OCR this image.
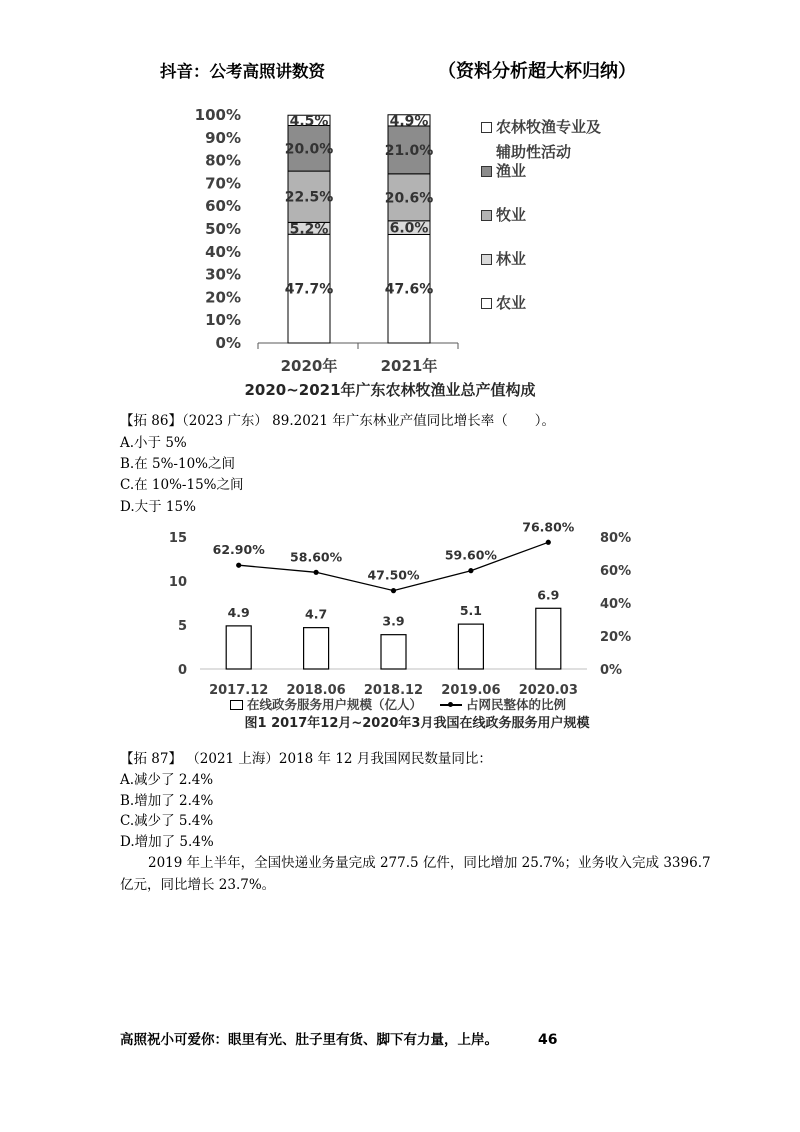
抖音：公考高照讲数资	（资料分析超大杯归纳）
0%
10%
20%
30%
40%
50%
60%
70%
80%
90%
100%
47.7%
5.2%
22.5%
20.0%
4.5%
2020年
47.6%
6.0%
20.6%
21.0%
4.9%
2021年
农林牧渔专业及辅助性活动
渔业
牧业
林业
农业
2020~2021年广东农林牧渔业总产值构成
【拓 86】（2023 广东） 89.2021 年广东林业产值同比增长率（　　）。
A.小于 5%
B.在 5%-10%之间
C.在 10%-15%之间
D.大于 15%
0
5
10
15
0%
20%
40%
60%
80%
4.9
2017.12
4.7
2018.06
3.9
2018.12
5.1
2019.06
6.9
2020.03
62.90% 58.60%
47.50%
59.60%
76.80%
在线政务服务用户规模（亿人）	占网民整体的比例
图1 2017年12月~2020年3月我国在线政务服务用户规模
【拓 87】 （2021 上海）2018 年 12 月我国网民数量同比：
A.减少了 2.4%
B.增加了 2.4%
C.减少了 5.4%
D.增加了 5.4%
2019 年上半年，全国快递业务量完成 277.5 亿件，同比增加 25.7%；业务收入完成 3396.7
亿元，同比增长 23.7%。
高照祝小可爱你：眼里有光、肚子里有货、脚下有力量，上岸。	46
